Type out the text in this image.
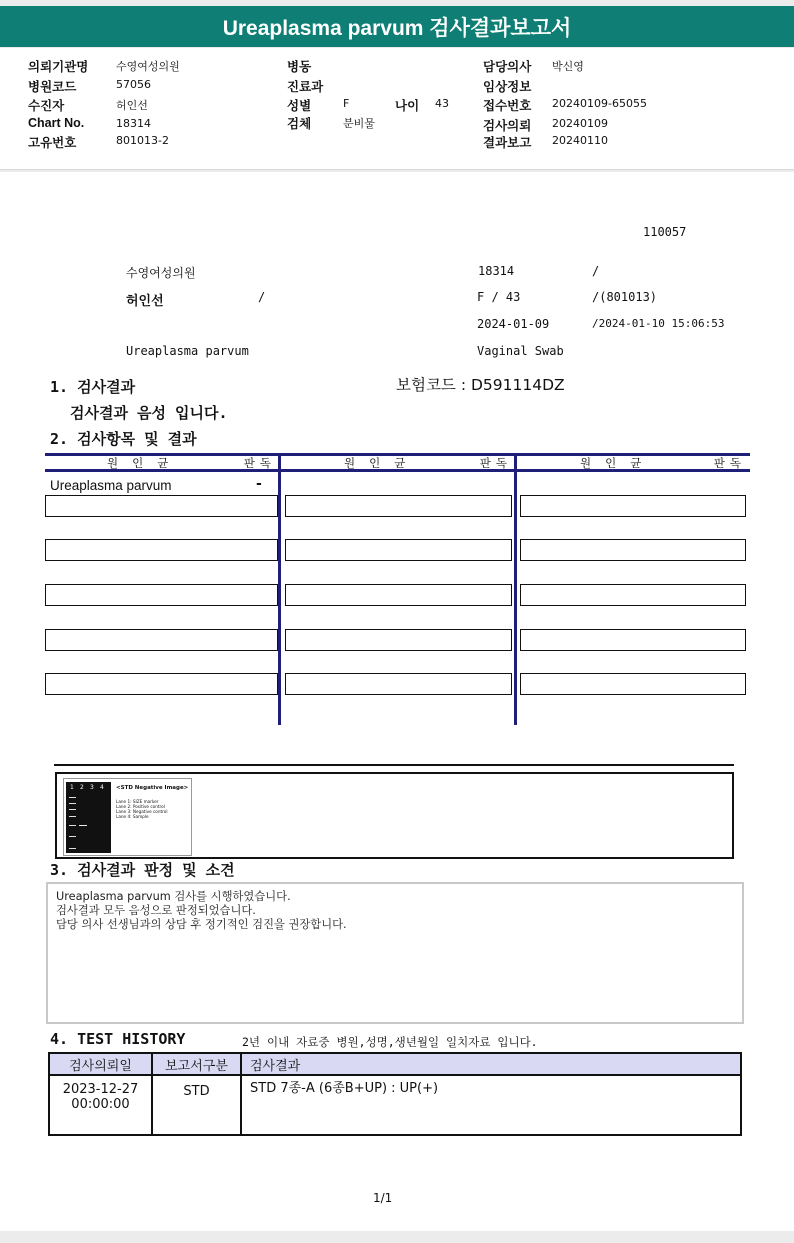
Ureaplasma parvum 검사결과보고서
의뢰기관명	수영여성의원
병원코드	57056
수진자	허인선
Chart No.	18314
고유번호	801013-2
병동
진료과
성별	F	나이 43
검체	분비물
담당의사 박신영
임상정보
접수번호 20240109-65055
검사의뢰 20240109
결과보고 20240110
110057
수영여성의원	18314	/
허인선	/	F / 43	/(801013)
2024-01-09	/2024-01-10 15:06:53
Ureaplasma parvum	Vaginal Swab
1. 검사결과	보험코드 : D591114DZ
검사결과 음성 입니다.
2. 검사항목 및 결과
원인균	판독	원인균	판독	원인균	판독
Ureaplasma parvum	-
1 2 3 4 <STD Negative Image>
Lane 1: SIZE marker
Lane 2: Positive control
Lane 3: Negative control
Lane 4: Sample
3. 검사결과 판정 및 소견
Ureaplasma parvum 검사를 시행하였습니다.
검사결과 모두 음성으로 판정되었습니다.
담당 의사 선생님과의 상담 후 정기적인 검진을 권장합니다.
4. TEST HISTORY	2년 이내 자료중 병원,성명,생년월일 일치자료 입니다.
검사의뢰일	보고서구분	검사결과

2023-12-27
00:00:00	STD	STD 7종-A (6종B+UP) : UP(+)
1/1
